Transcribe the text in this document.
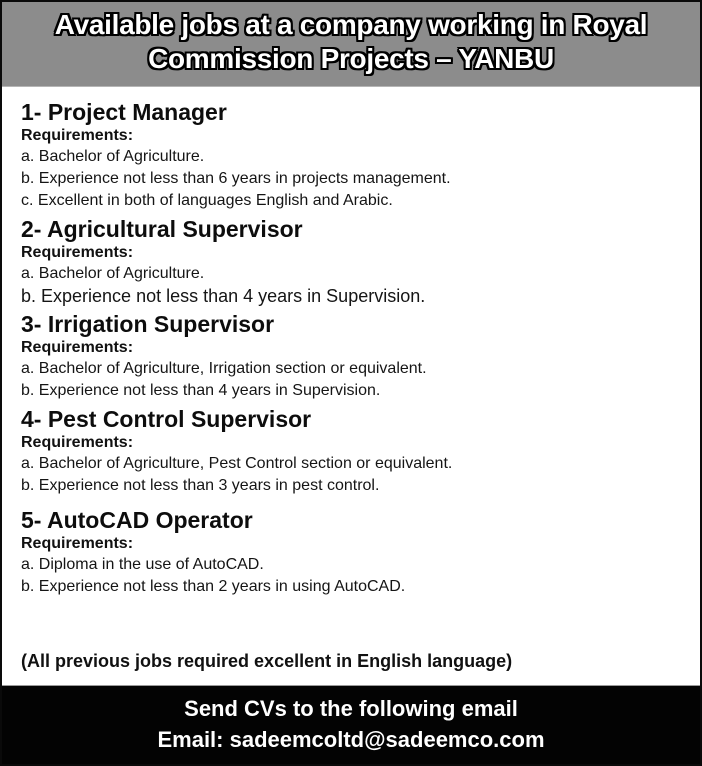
Available jobs at a company working in Royal
Commission Projects – YANBU
1- Project Manager
Requirements:
a. Bachelor of Agriculture.
b. Experience not less than 6 years in projects management.
c. Excellent in both of languages English and Arabic.
2- Agricultural Supervisor
Requirements:
a. Bachelor of Agriculture.
b. Experience not less than 4 years in Supervision.
3- Irrigation Supervisor
Requirements:
a. Bachelor of Agriculture, Irrigation section or equivalent.
b. Experience not less than 4 years in Supervision.
4- Pest Control Supervisor
Requirements:
a. Bachelor of Agriculture, Pest Control section or equivalent.
b. Experience not less than 3 years in pest control.
5- AutoCAD Operator
Requirements:
a. Diploma in the use of AutoCAD.
b. Experience not less than 2 years in using AutoCAD.
(All previous jobs required excellent in English language)
Send CVs to the following email
Email: sadeemcoltd@sadeemco.com
